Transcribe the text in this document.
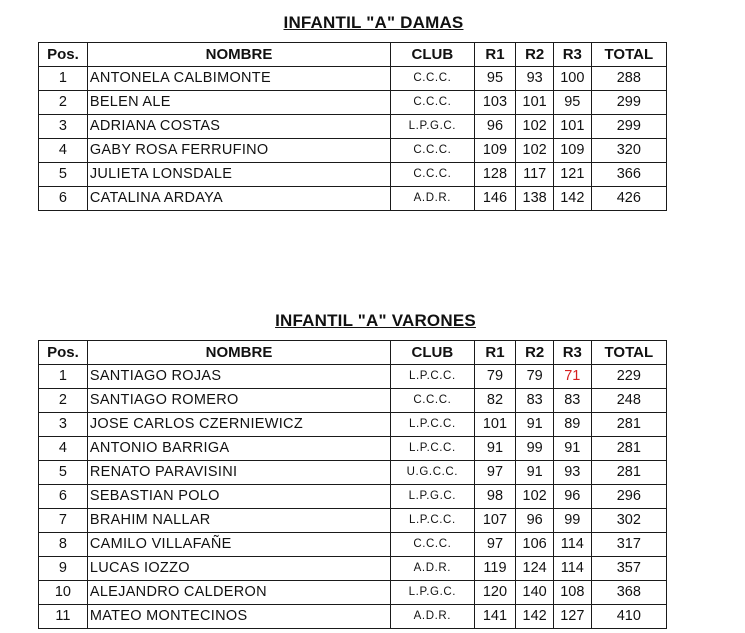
INFANTIL "A" DAMAS
Pos.	NOMBRE	CLUB	R1	R2	R3	TOTAL
1	ANTONELA CALBIMONTE	C.C.C.	95	93	100	288
2	BELEN ALE	C.C.C.	103	101	95	299
3	ADRIANA COSTAS	L.P.G.C.	96	102	101	299
4	GABY ROSA FERRUFINO	C.C.C.	109	102	109	320
5	JULIETA LONSDALE	C.C.C.	128	117	121	366
6	CATALINA ARDAYA	A.D.R.	146	138	142	426
INFANTIL "A" VARONES
Pos.	NOMBRE	CLUB	R1	R2	R3	TOTAL
1	SANTIAGO ROJAS	L.P.C.C.	79	79	71	229
2	SANTIAGO ROMERO	C.C.C.	82	83	83	248
3	JOSE CARLOS CZERNIEWICZ	L.P.C.C.	101	91	89	281
4	ANTONIO BARRIGA	L.P.C.C.	91	99	91	281
5	RENATO PARAVISINI	U.G.C.C.	97	91	93	281
6	SEBASTIAN POLO	L.P.G.C.	98	102	96	296
7	BRAHIM NALLAR	L.P.C.C.	107	96	99	302
8	CAMILO VILLAFAÑE	C.C.C.	97	106	114	317
9	LUCAS IOZZO	A.D.R.	119	124	114	357
10	ALEJANDRO CALDERON	L.P.G.C.	120	140	108	368
11	MATEO MONTECINOS	A.D.R.	141	142	127	410
